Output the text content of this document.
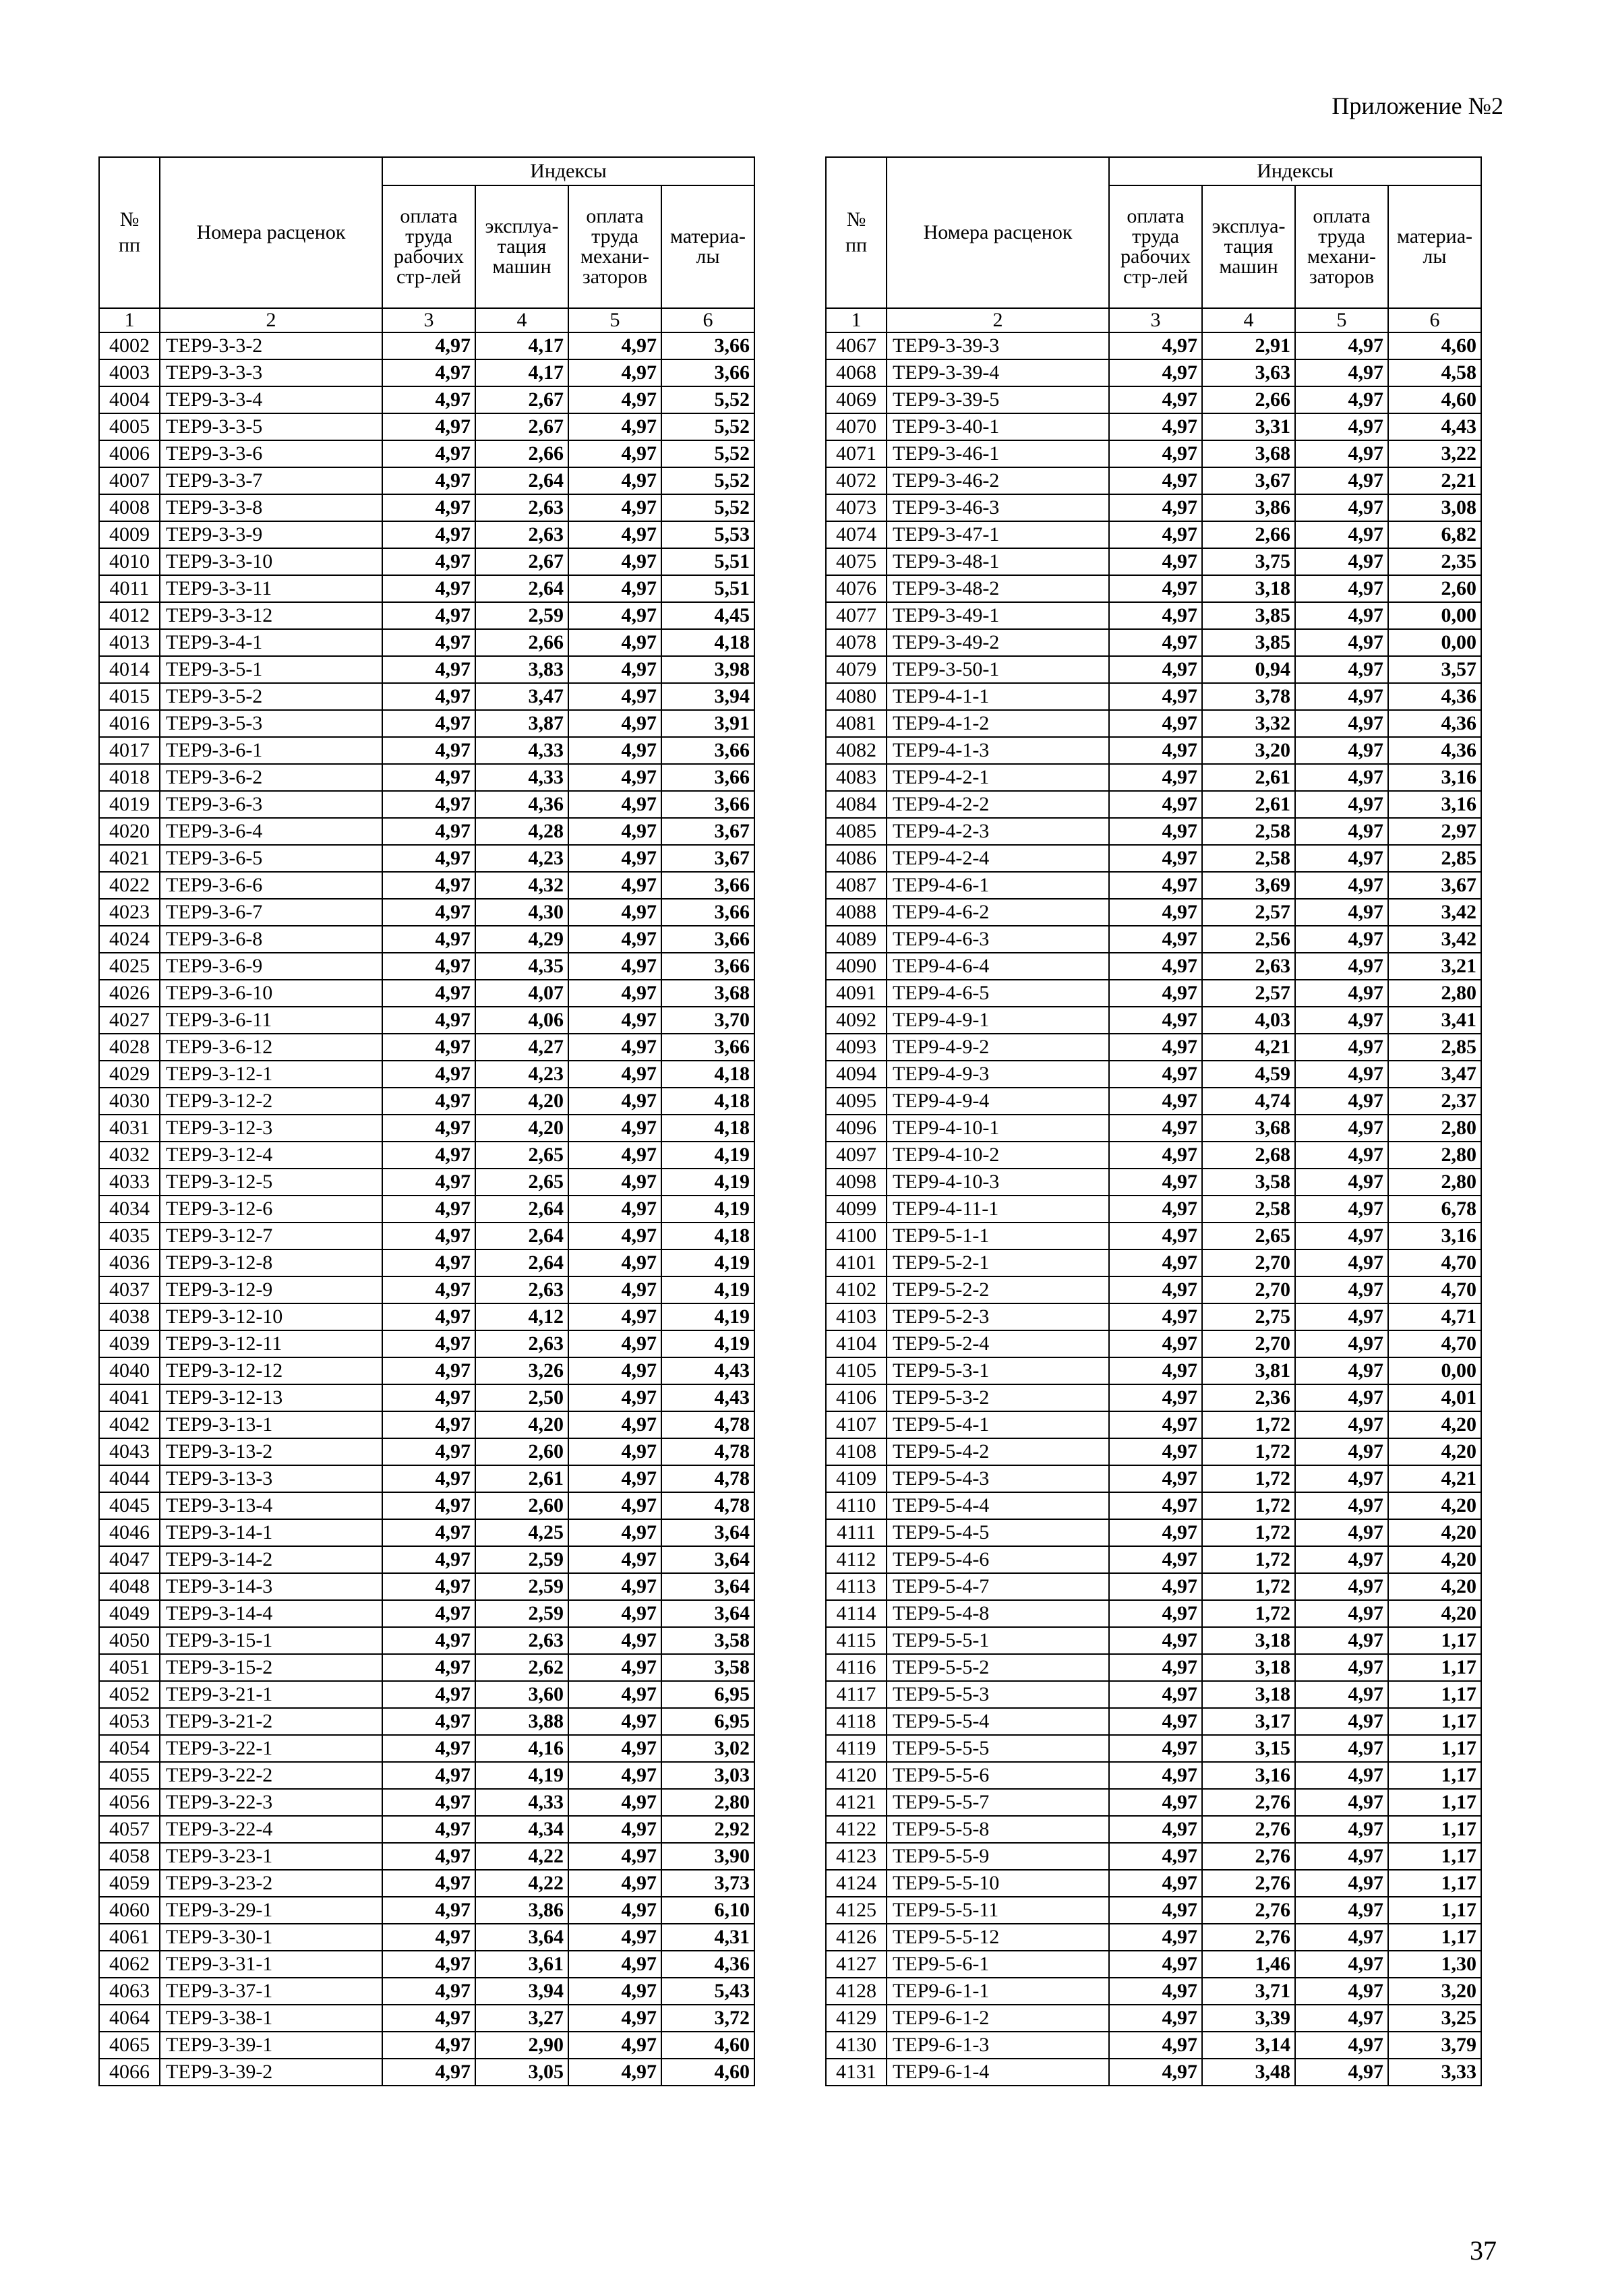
Приложение №2
№
пп	Номера расценок	Индексы			
		оплата
труда
рабочих
стр-лей	эксплуа-
тация
машин	оплата
труда
механи-
заторов	материа-
лы
1	2	3	4	5	6
4002	ТЕР9-3-3-2	4,97	4,17	4,97	3,66
4003	ТЕР9-3-3-3	4,97	4,17	4,97	3,66
4004	ТЕР9-3-3-4	4,97	2,67	4,97	5,52
4005	ТЕР9-3-3-5	4,97	2,67	4,97	5,52
4006	ТЕР9-3-3-6	4,97	2,66	4,97	5,52
4007	ТЕР9-3-3-7	4,97	2,64	4,97	5,52
4008	ТЕР9-3-3-8	4,97	2,63	4,97	5,52
4009	ТЕР9-3-3-9	4,97	2,63	4,97	5,53
4010	ТЕР9-3-3-10	4,97	2,67	4,97	5,51
4011	ТЕР9-3-3-11	4,97	2,64	4,97	5,51
4012	ТЕР9-3-3-12	4,97	2,59	4,97	4,45
4013	ТЕР9-3-4-1	4,97	2,66	4,97	4,18
4014	ТЕР9-3-5-1	4,97	3,83	4,97	3,98
4015	ТЕР9-3-5-2	4,97	3,47	4,97	3,94
4016	ТЕР9-3-5-3	4,97	3,87	4,97	3,91
4017	ТЕР9-3-6-1	4,97	4,33	4,97	3,66
4018	ТЕР9-3-6-2	4,97	4,33	4,97	3,66
4019	ТЕР9-3-6-3	4,97	4,36	4,97	3,66
4020	ТЕР9-3-6-4	4,97	4,28	4,97	3,67
4021	ТЕР9-3-6-5	4,97	4,23	4,97	3,67
4022	ТЕР9-3-6-6	4,97	4,32	4,97	3,66
4023	ТЕР9-3-6-7	4,97	4,30	4,97	3,66
4024	ТЕР9-3-6-8	4,97	4,29	4,97	3,66
4025	ТЕР9-3-6-9	4,97	4,35	4,97	3,66
4026	ТЕР9-3-6-10	4,97	4,07	4,97	3,68
4027	ТЕР9-3-6-11	4,97	4,06	4,97	3,70
4028	ТЕР9-3-6-12	4,97	4,27	4,97	3,66
4029	ТЕР9-3-12-1	4,97	4,23	4,97	4,18
4030	ТЕР9-3-12-2	4,97	4,20	4,97	4,18
4031	ТЕР9-3-12-3	4,97	4,20	4,97	4,18
4032	ТЕР9-3-12-4	4,97	2,65	4,97	4,19
4033	ТЕР9-3-12-5	4,97	2,65	4,97	4,19
4034	ТЕР9-3-12-6	4,97	2,64	4,97	4,19
4035	ТЕР9-3-12-7	4,97	2,64	4,97	4,18
4036	ТЕР9-3-12-8	4,97	2,64	4,97	4,19
4037	ТЕР9-3-12-9	4,97	2,63	4,97	4,19
4038	ТЕР9-3-12-10	4,97	4,12	4,97	4,19
4039	ТЕР9-3-12-11	4,97	2,63	4,97	4,19
4040	ТЕР9-3-12-12	4,97	3,26	4,97	4,43
4041	ТЕР9-3-12-13	4,97	2,50	4,97	4,43
4042	ТЕР9-3-13-1	4,97	4,20	4,97	4,78
4043	ТЕР9-3-13-2	4,97	2,60	4,97	4,78
4044	ТЕР9-3-13-3	4,97	2,61	4,97	4,78
4045	ТЕР9-3-13-4	4,97	2,60	4,97	4,78
4046	ТЕР9-3-14-1	4,97	4,25	4,97	3,64
4047	ТЕР9-3-14-2	4,97	2,59	4,97	3,64
4048	ТЕР9-3-14-3	4,97	2,59	4,97	3,64
4049	ТЕР9-3-14-4	4,97	2,59	4,97	3,64
4050	ТЕР9-3-15-1	4,97	2,63	4,97	3,58
4051	ТЕР9-3-15-2	4,97	2,62	4,97	3,58
4052	ТЕР9-3-21-1	4,97	3,60	4,97	6,95
4053	ТЕР9-3-21-2	4,97	3,88	4,97	6,95
4054	ТЕР9-3-22-1	4,97	4,16	4,97	3,02
4055	ТЕР9-3-22-2	4,97	4,19	4,97	3,03
4056	ТЕР9-3-22-3	4,97	4,33	4,97	2,80
4057	ТЕР9-3-22-4	4,97	4,34	4,97	2,92
4058	ТЕР9-3-23-1	4,97	4,22	4,97	3,90
4059	ТЕР9-3-23-2	4,97	4,22	4,97	3,73
4060	ТЕР9-3-29-1	4,97	3,86	4,97	6,10
4061	ТЕР9-3-30-1	4,97	3,64	4,97	4,31
4062	ТЕР9-3-31-1	4,97	3,61	4,97	4,36
4063	ТЕР9-3-37-1	4,97	3,94	4,97	5,43
4064	ТЕР9-3-38-1	4,97	3,27	4,97	3,72
4065	ТЕР9-3-39-1	4,97	2,90	4,97	4,60
4066	ТЕР9-3-39-2	4,97	3,05	4,97	4,60
№
пп	Номера расценок	Индексы			
		оплата
труда
рабочих
стр-лей	эксплуа-
тация
машин	оплата
труда
механи-
заторов	материа-
лы
1	2	3	4	5	6
4067	ТЕР9-3-39-3	4,97	2,91	4,97	4,60
4068	ТЕР9-3-39-4	4,97	3,63	4,97	4,58
4069	ТЕР9-3-39-5	4,97	2,66	4,97	4,60
4070	ТЕР9-3-40-1	4,97	3,31	4,97	4,43
4071	ТЕР9-3-46-1	4,97	3,68	4,97	3,22
4072	ТЕР9-3-46-2	4,97	3,67	4,97	2,21
4073	ТЕР9-3-46-3	4,97	3,86	4,97	3,08
4074	ТЕР9-3-47-1	4,97	2,66	4,97	6,82
4075	ТЕР9-3-48-1	4,97	3,75	4,97	2,35
4076	ТЕР9-3-48-2	4,97	3,18	4,97	2,60
4077	ТЕР9-3-49-1	4,97	3,85	4,97	0,00
4078	ТЕР9-3-49-2	4,97	3,85	4,97	0,00
4079	ТЕР9-3-50-1	4,97	0,94	4,97	3,57
4080	ТЕР9-4-1-1	4,97	3,78	4,97	4,36
4081	ТЕР9-4-1-2	4,97	3,32	4,97	4,36
4082	ТЕР9-4-1-3	4,97	3,20	4,97	4,36
4083	ТЕР9-4-2-1	4,97	2,61	4,97	3,16
4084	ТЕР9-4-2-2	4,97	2,61	4,97	3,16
4085	ТЕР9-4-2-3	4,97	2,58	4,97	2,97
4086	ТЕР9-4-2-4	4,97	2,58	4,97	2,85
4087	ТЕР9-4-6-1	4,97	3,69	4,97	3,67
4088	ТЕР9-4-6-2	4,97	2,57	4,97	3,42
4089	ТЕР9-4-6-3	4,97	2,56	4,97	3,42
4090	ТЕР9-4-6-4	4,97	2,63	4,97	3,21
4091	ТЕР9-4-6-5	4,97	2,57	4,97	2,80
4092	ТЕР9-4-9-1	4,97	4,03	4,97	3,41
4093	ТЕР9-4-9-2	4,97	4,21	4,97	2,85
4094	ТЕР9-4-9-3	4,97	4,59	4,97	3,47
4095	ТЕР9-4-9-4	4,97	4,74	4,97	2,37
4096	ТЕР9-4-10-1	4,97	3,68	4,97	2,80
4097	ТЕР9-4-10-2	4,97	2,68	4,97	2,80
4098	ТЕР9-4-10-3	4,97	3,58	4,97	2,80
4099	ТЕР9-4-11-1	4,97	2,58	4,97	6,78
4100	ТЕР9-5-1-1	4,97	2,65	4,97	3,16
4101	ТЕР9-5-2-1	4,97	2,70	4,97	4,70
4102	ТЕР9-5-2-2	4,97	2,70	4,97	4,70
4103	ТЕР9-5-2-3	4,97	2,75	4,97	4,71
4104	ТЕР9-5-2-4	4,97	2,70	4,97	4,70
4105	ТЕР9-5-3-1	4,97	3,81	4,97	0,00
4106	ТЕР9-5-3-2	4,97	2,36	4,97	4,01
4107	ТЕР9-5-4-1	4,97	1,72	4,97	4,20
4108	ТЕР9-5-4-2	4,97	1,72	4,97	4,20
4109	ТЕР9-5-4-3	4,97	1,72	4,97	4,21
4110	ТЕР9-5-4-4	4,97	1,72	4,97	4,20
4111	ТЕР9-5-4-5	4,97	1,72	4,97	4,20
4112	ТЕР9-5-4-6	4,97	1,72	4,97	4,20
4113	ТЕР9-5-4-7	4,97	1,72	4,97	4,20
4114	ТЕР9-5-4-8	4,97	1,72	4,97	4,20
4115	ТЕР9-5-5-1	4,97	3,18	4,97	1,17
4116	ТЕР9-5-5-2	4,97	3,18	4,97	1,17
4117	ТЕР9-5-5-3	4,97	3,18	4,97	1,17
4118	ТЕР9-5-5-4	4,97	3,17	4,97	1,17
4119	ТЕР9-5-5-5	4,97	3,15	4,97	1,17
4120	ТЕР9-5-5-6	4,97	3,16	4,97	1,17
4121	ТЕР9-5-5-7	4,97	2,76	4,97	1,17
4122	ТЕР9-5-5-8	4,97	2,76	4,97	1,17
4123	ТЕР9-5-5-9	4,97	2,76	4,97	1,17
4124	ТЕР9-5-5-10	4,97	2,76	4,97	1,17
4125	ТЕР9-5-5-11	4,97	2,76	4,97	1,17
4126	ТЕР9-5-5-12	4,97	2,76	4,97	1,17
4127	ТЕР9-5-6-1	4,97	1,46	4,97	1,30
4128	ТЕР9-6-1-1	4,97	3,71	4,97	3,20
4129	ТЕР9-6-1-2	4,97	3,39	4,97	3,25
4130	ТЕР9-6-1-3	4,97	3,14	4,97	3,79
4131	ТЕР9-6-1-4	4,97	3,48	4,97	3,33
37
